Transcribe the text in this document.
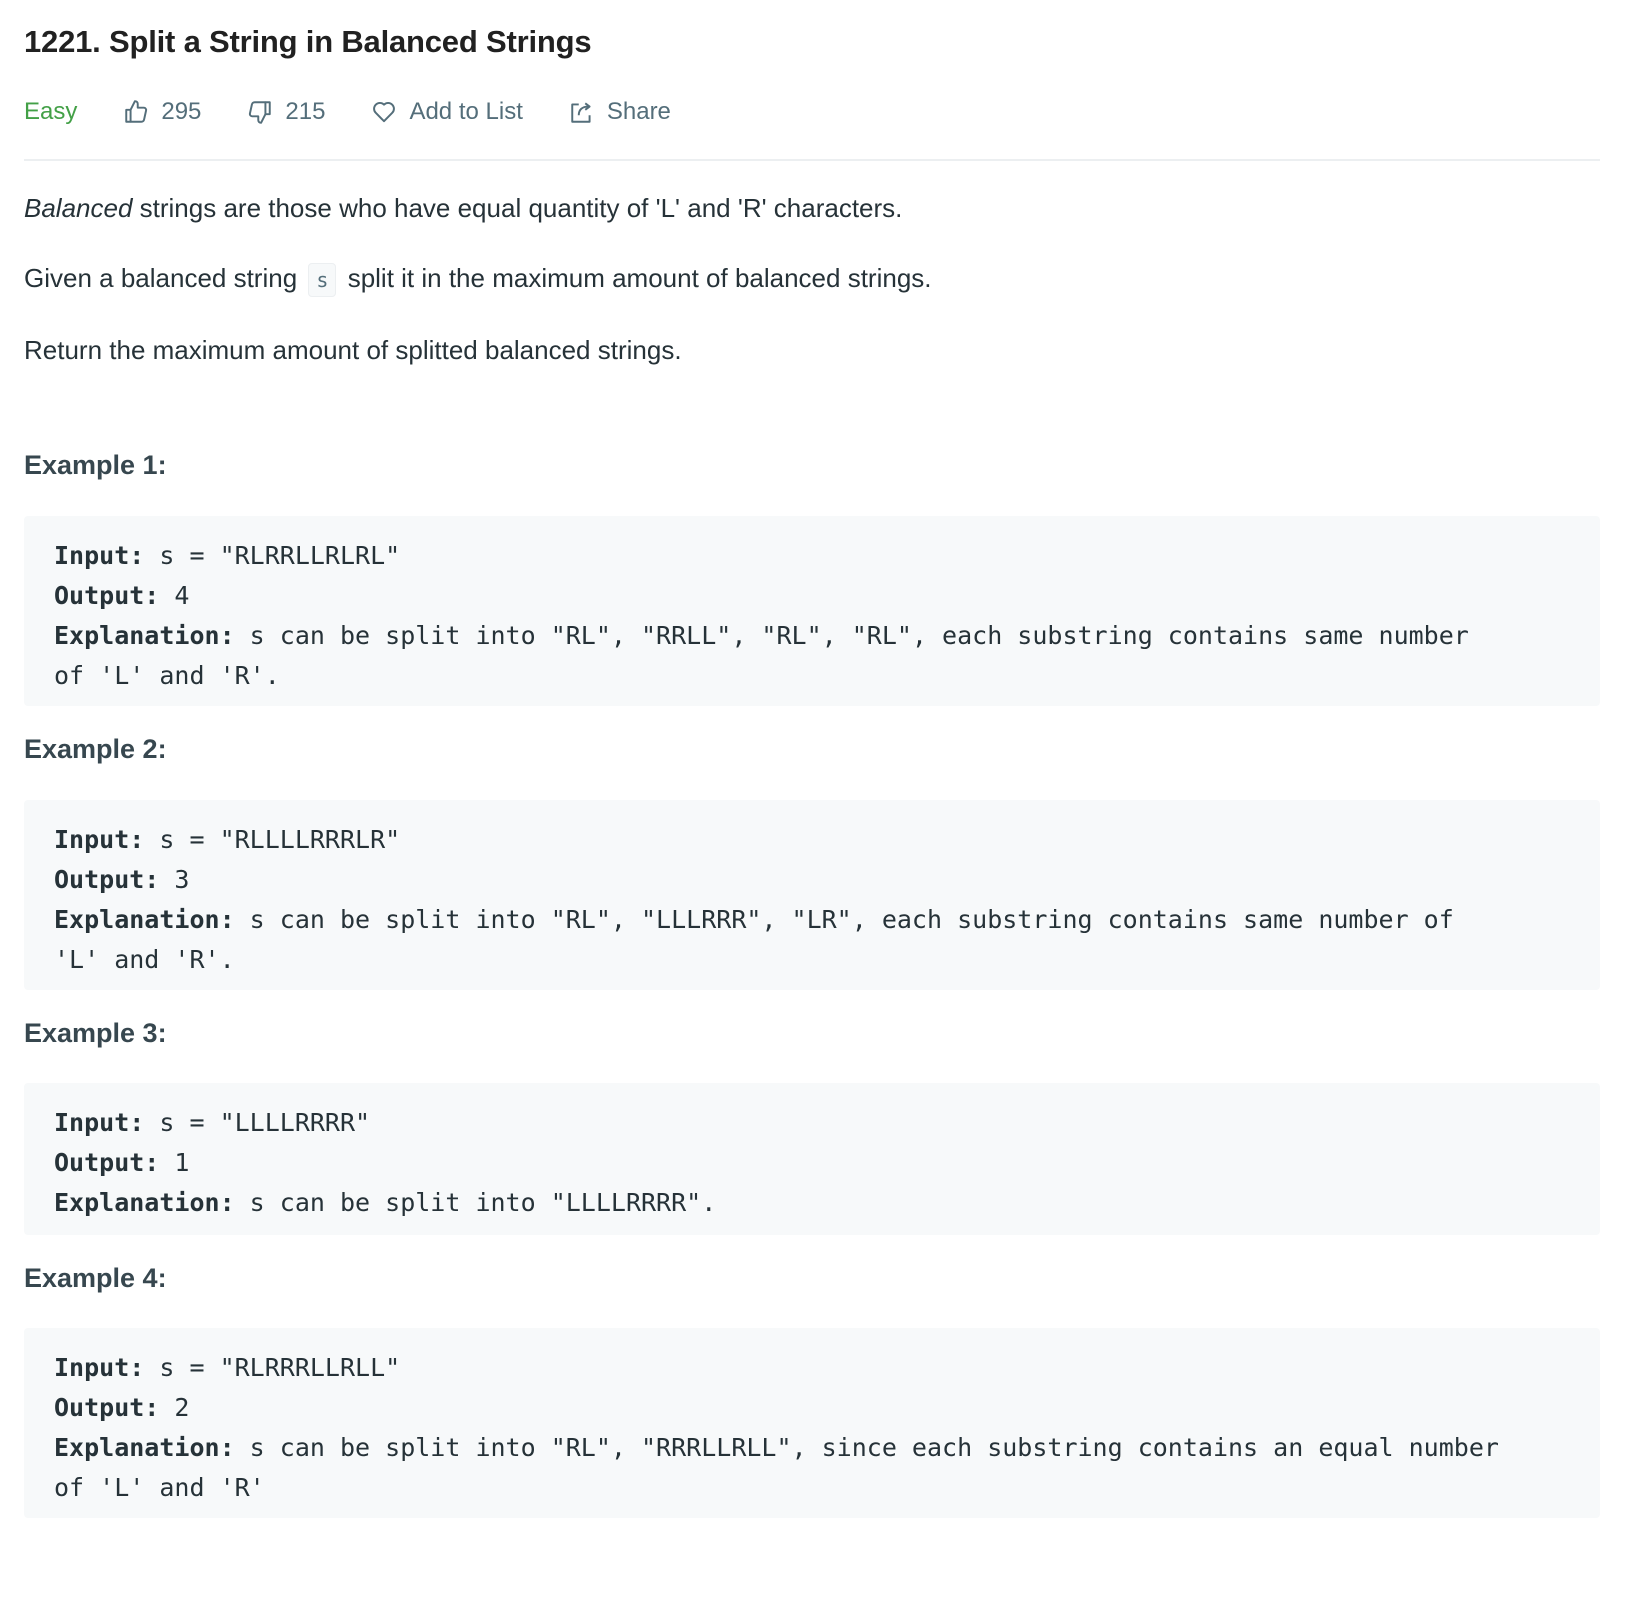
1221. Split a String in Balanced Strings
Easy	295	215	Add to List	Share

Balanced strings are those who have equal quantity of 'L' and 'R' characters.

Given a balanced string s split it in the maximum amount of balanced strings.

Return the maximum amount of splitted balanced strings.

Example 1:
Input: s = "RLRRLLRLRL"
Output: 4
Explanation: s can be split into "RL", "RRLL", "RL", "RL", each substring contains same number
of 'L' and 'R'.
Example 2:
Input: s = "RLLLLRRRLR"
Output: 3
Explanation: s can be split into "RL", "LLLRRR", "LR", each substring contains same number of
'L' and 'R'.
Example 3:
Input: s = "LLLLRRRR"
Output: 1
Explanation: s can be split into "LLLLRRRR".
Example 4:
Input: s = "RLRRRLLRLL"
Output: 2
Explanation: s can be split into "RL", "RRRLLRLL", since each substring contains an equal number
of 'L' and 'R'
